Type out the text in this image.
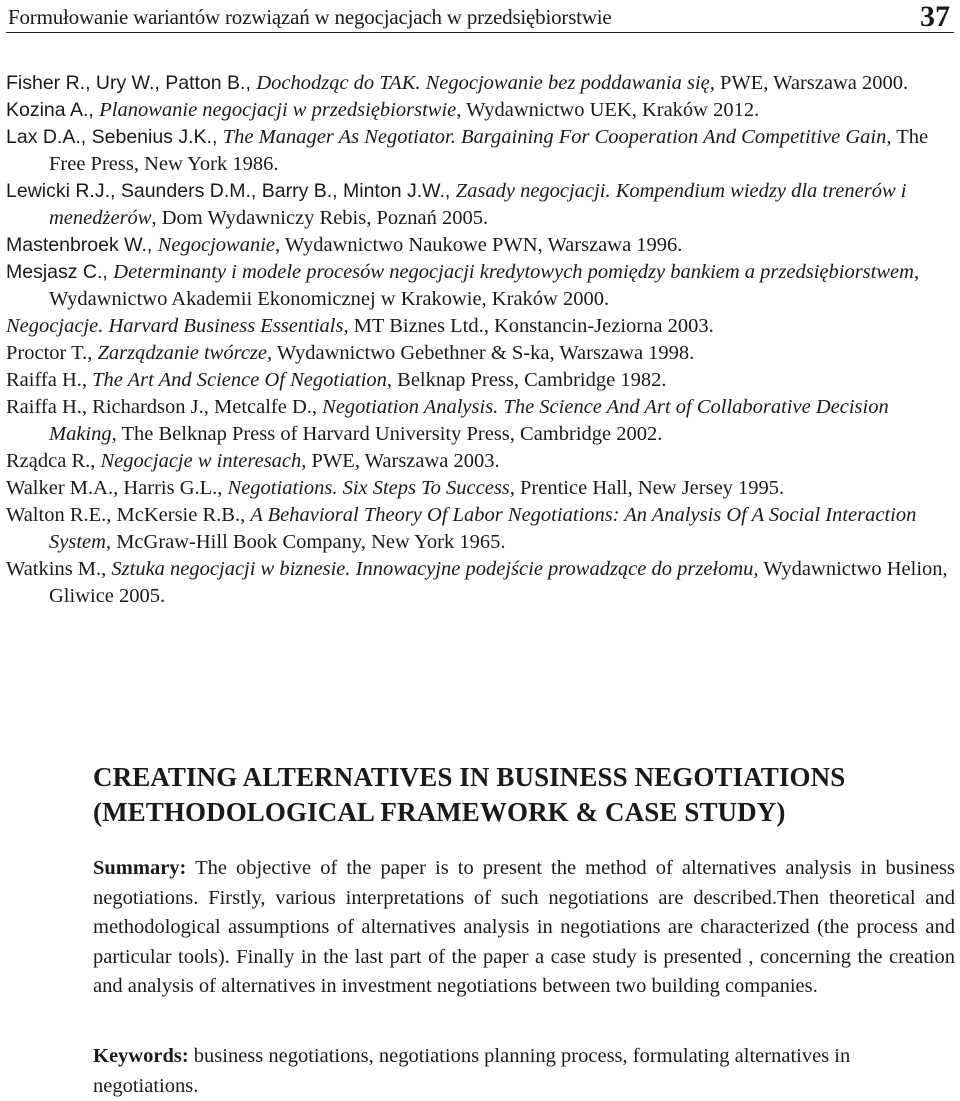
Formułowanie wariantów rozwiązań w negocjacjach w przedsiębiorstwie	37

Fisher R., Ury W., Patton B., Dochodząc do TAK. Negocjowanie bez poddawania się, PWE, Warszawa 2000.

Kozina A., Planowanie negocjacji w przedsiębiorstwie, Wydawnictwo UEK, Kraków 2012.

Lax D.A., Sebenius J.K., The Manager As Negotiator. Bargaining For Cooperation And Competitive Gain, The Free Press, New York 1986.

Lewicki R.J., Saunders D.M., Barry B., Minton J.W., Zasady negocjacji. Kompendium wiedzy dla trenerów i menedżerów, Dom Wydawniczy Rebis, Poznań 2005.

Mastenbroek W., Negocjowanie, Wydawnictwo Naukowe PWN, Warszawa 1996.

Mesjasz C., Determinanty i modele procesów negocjacji kredytowych pomiędzy bankiem a przedsiębiorstwem, Wydawnictwo Akademii Ekonomicznej w Krakowie, Kraków 2000.

Negocjacje. Harvard Business Essentials, MT Biznes Ltd., Konstancin-Jeziorna 2003.

Proctor T., Zarządzanie twórcze, Wydawnictwo Gebethner & S-ka, Warszawa 1998.

Raiffa H., The Art And Science Of Negotiation, Belknap Press, Cambridge 1982.

Raiffa H., Richardson J., Metcalfe D., Negotiation Analysis. The Science And Art of Collaborative Decision Making, The Belknap Press of Harvard University Press, Cambridge 2002.

Rządca R., Negocjacje w interesach, PWE, Warszawa 2003.

Walker M.A., Harris G.L., Negotiations. Six Steps To Success, Prentice Hall, New Jersey 1995.

Walton R.E., McKersie R.B., A Behavioral Theory Of Labor Negotiations: An Analysis Of A Social Interaction System, McGraw-Hill Book Company, New York 1965.

Watkins M., Sztuka negocjacji w biznesie. Innowacyjne podejście prowadzące do przełomu, Wydawnictwo Helion, Gliwice 2005.

CREATING ALTERNATIVES IN BUSINESS NEGOTIATIONS
(METHODOLOGICAL FRAMEWORK & CASE STUDY)
Summary: The objective of the paper is to present the method of alternatives analysis in business negotiations. Firstly, various interpretations of such negotiations are described.Then theoretical and methodological assumptions of alternatives analysis in negotiations are characterized (the process and particular tools). Finally in the last part of the paper a case study is presented , concerning the creation and analysis of alternatives in investment negotiations between two building companies.
Keywords: business negotiations, negotiations planning process, formulating alternatives in negotiations.
